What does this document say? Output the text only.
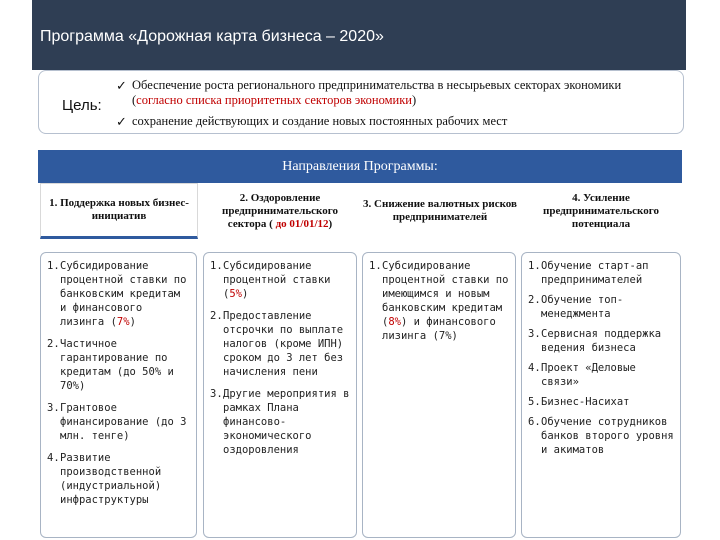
Программа «Дорожная карта бизнеса – 2020»
Цель:
✓ Обеспечение роста регионального предпринимательства в несырьевых секторах экономики (согласно списка приоритетных секторов экономики)
✓ сохранение действующих и создание новых постоянных рабочих мест
Направления Программы:
1. Поддержка новых бизнес-инициатив
2. Оздоровление предпринимательского сектора ( до 01/01/12)
3. Снижение валютных рисков предпринимателей
4. Усиление предпринимательского потенциала
1. Субсидирование процентной ставки по банковским кредитам и финансового лизинга (7%)
2. Частичное гарантирование по кредитам (до 50% и 70%)
3. Грантовое финансирование (до 3 млн. тенге)
4. Развитие производственной (индустриальной) инфраструктуры
1. Субсидирование процентной ставки (5%)
2. Предоставление отсрочки по выплате налогов (кроме ИПН) сроком до 3 лет без начисления пени
3. Другие мероприятия в рамках Плана финансово-экономического оздоровления
1. Субсидирование процентной ставки по имеющимся и новым банковским кредитам (8%) и финансового лизинга (7%)
1. Обучение старт-ап предпринимателей
2. Обучение топ-менеджмента
3. Сервисная поддержка ведения бизнеса
4. Проект «Деловые связи»
5. Бизнес-Насихат
6. Обучение сотрудников банков второго уровня и акиматов
